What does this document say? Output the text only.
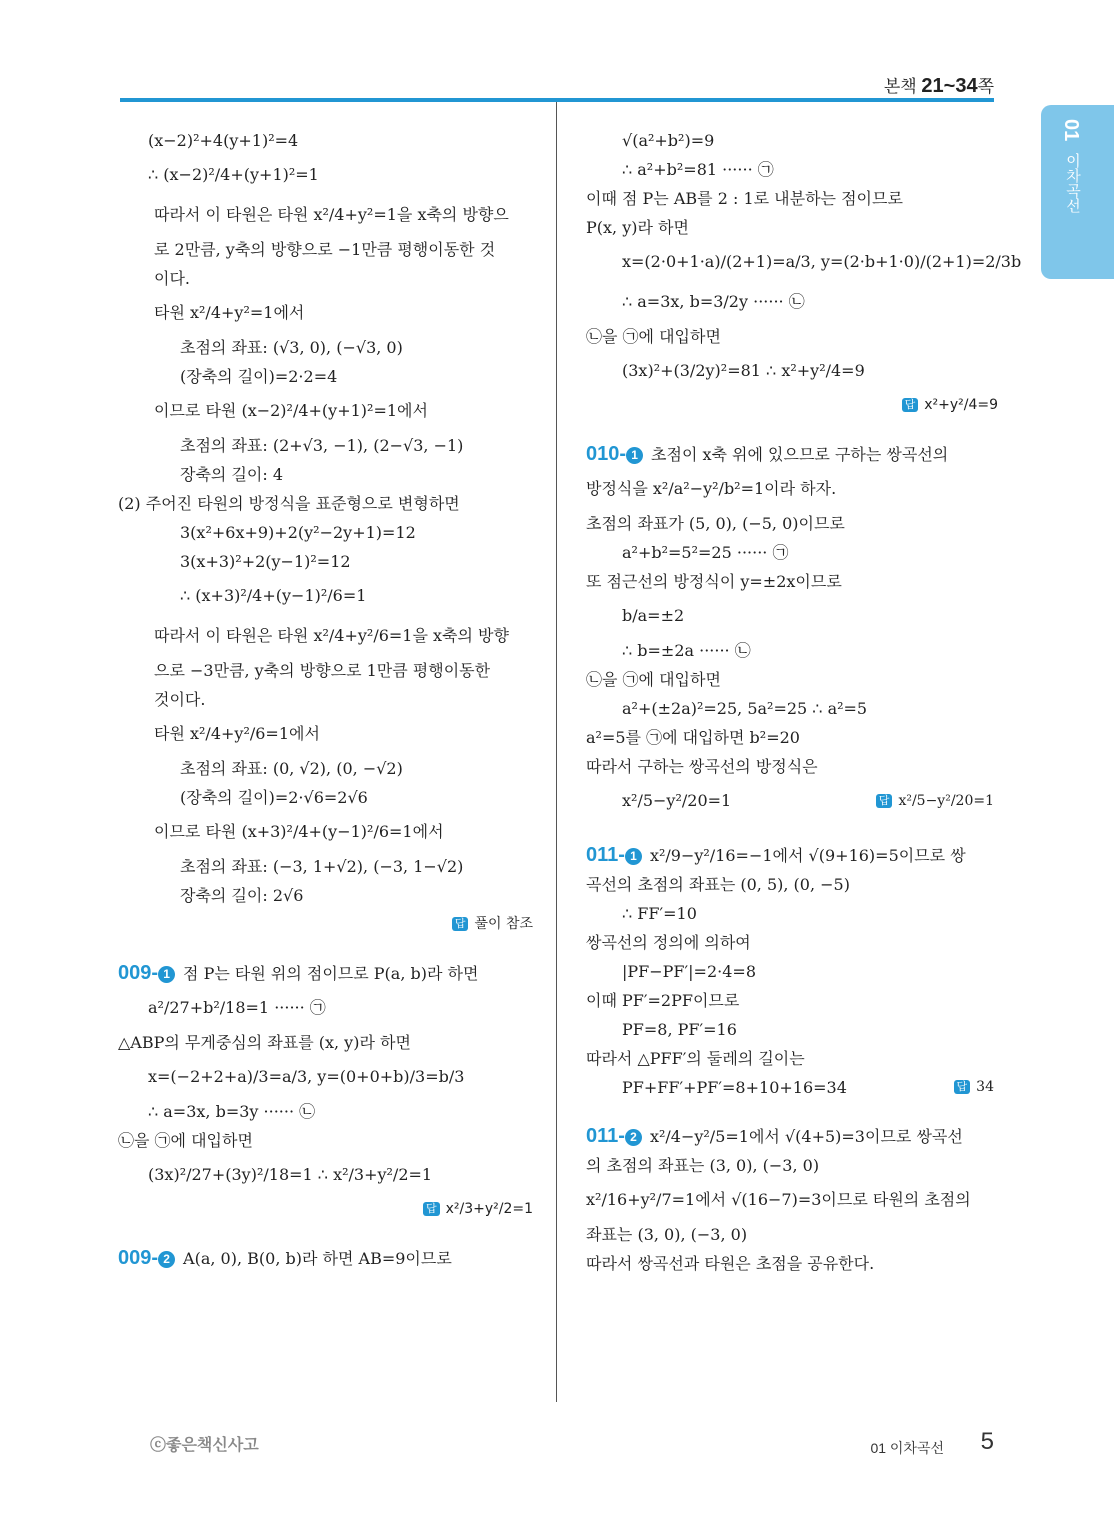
본책 21~34쪽
01
이차곡선
(x−2)²+4(y+1)²=4
∴ (x−2)²/4+(y+1)²=1
따라서 이 타원은 타원 x²/4+y²=1을 x축의 방향으
로 2만큼, y축의 방향으로 −1만큼 평행이동한 것
이다.
타원 x²/4+y²=1에서
초점의 좌표: (√3, 0), (−√3, 0)
(장축의 길이)=2·2=4
이므로 타원 (x−2)²/4+(y+1)²=1에서
초점의 좌표: (2+√3, −1), (2−√3, −1)
장축의 길이: 4
(2) 주어진 타원의 방정식을 표준형으로 변형하면
3(x²+6x+9)+2(y²−2y+1)=12
3(x+3)²+2(y−1)²=12
∴ (x+3)²/4+(y−1)²/6=1
따라서 이 타원은 타원 x²/4+y²/6=1을 x축의 방향
으로 −3만큼, y축의 방향으로 1만큼 평행이동한
것이다.
타원 x²/4+y²/6=1에서
초점의 좌표: (0, √2), (0, −√2)
(장축의 길이)=2·√6=2√6
이므로 타원 (x+3)²/4+(y−1)²/6=1에서
초점의 좌표: (−3, 1+√2), (−3, 1−√2)
장축의 길이: 2√6
답 풀이 참조
009- 1 점 P는 타원 위의 점이므로 P(a, b)라 하면
a²/27+b²/18=1 ······ ㉠
△ABP의 무게중심의 좌표를 (x, y)라 하면
x=(−2+2+a)/3=a/3, y=(0+0+b)/3=b/3
∴ a=3x, b=3y ······ ㉡
㉡을 ㉠에 대입하면
(3x)²/27+(3y)²/18=1 ∴ x²/3+y²/2=1
답 x²/3+y²/2=1
009- 2 A(a, 0), B(0, b)라 하면 AB=9이므로
√(a²+b²)=9
∴ a²+b²=81 ······ ㉠
이때 점 P는 AB를 2 : 1로 내분하는 점이므로
P(x, y)라 하면
x=(2·0+1·a)/(2+1)=a/3, y=(2·b+1·0)/(2+1)=2/3b
∴ a=3x, b=3/2y ······ ㉡
㉡을 ㉠에 대입하면
(3x)²+(3/2y)²=81 ∴ x²+y²/4=9
답 x²+y²/4=9
010- 1 초점이 x축 위에 있으므로 구하는 쌍곡선의
방정식을 x²/a²−y²/b²=1이라 하자.
초점의 좌표가 (5, 0), (−5, 0)이므로
a²+b²=5²=25 ······ ㉠
또 점근선의 방정식이 y=±2x이므로
b/a=±2
∴ b=±2a ······ ㉡
㉡을 ㉠에 대입하면
a²+(±2a)²=25, 5a²=25 ∴ a²=5
a²=5를 ㉠에 대입하면 b²=20
따라서 구하는 쌍곡선의 방정식은
x²/5−y²/20=1	답 x²/5−y²/20=1
011- 1 x²/9−y²/16=−1에서 √(9+16)=5이므로 쌍
곡선의 초점의 좌표는 (0, 5), (0, −5)
∴ FF′=10
쌍곡선의 정의에 의하여
|PF−PF′|=2·4=8
이때 PF′=2PF이므로
PF=8, PF′=16
따라서 △PFF′의 둘레의 길이는
PF+FF′+PF′=8+10+16=34	답 34
011- 2 x²/4−y²/5=1에서 √(4+5)=3이므로 쌍곡선
의 초점의 좌표는 (3, 0), (−3, 0)
x²/16+y²/7=1에서 √(16−7)=3이므로 타원의 초점의
좌표는 (3, 0), (−3, 0)
따라서 쌍곡선과 타원은 초점을 공유한다.
ⓒ좋은책신사고	01 이차곡선 5
